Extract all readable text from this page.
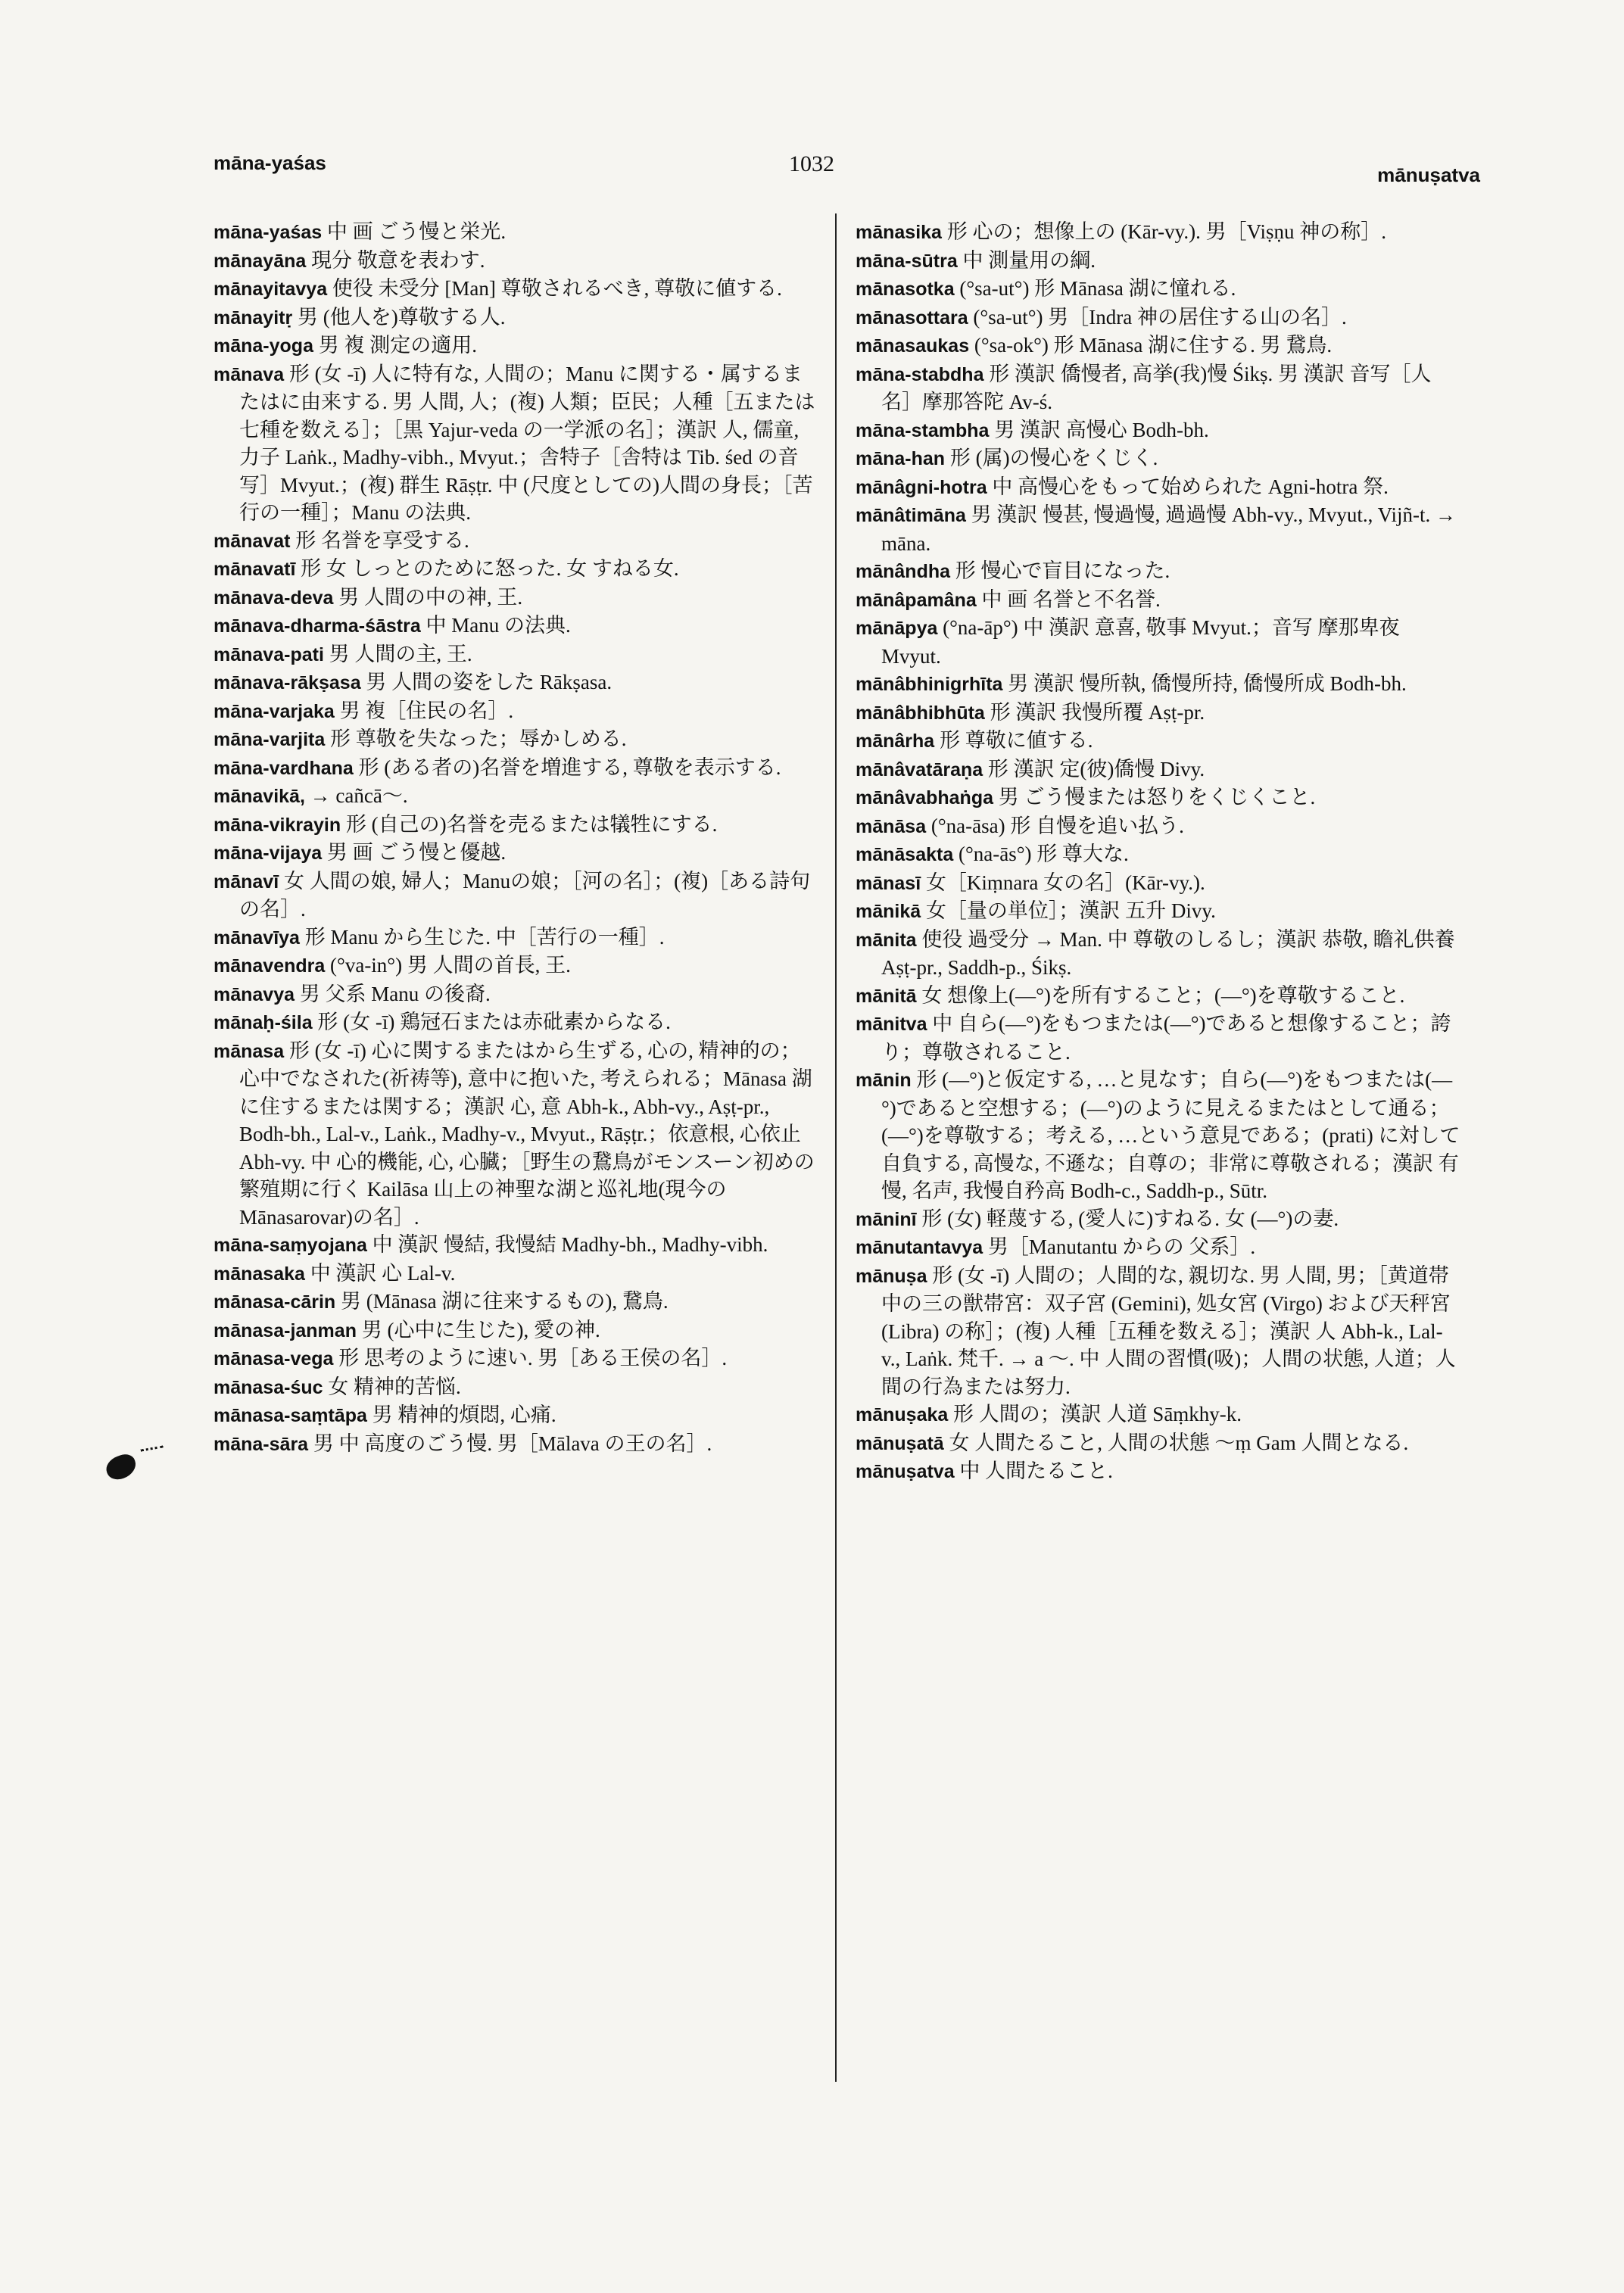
māna-yaśas	1032	mānuṣatva

māna-yaśas 中 画 ごう慢と栄光.

mānayāna 現分 敬意を表わす.

mānayitavya 使役 未受分 [Man] 尊敬されるべき, 尊敬に値する.

mānayitṛ 男 (他人を)尊敬する人.

māna-yoga 男 複 測定の適用.

mānava 形 (女 -ī) 人に特有な, 人間の；Manu に関する・属するまたはに由来する. 男 人間, 人；(複) 人類；臣民；人種［五または七種を数える］；［黒 Yajur-veda の一学派の名］；漢訳 人, 儒童, 力子 Laṅk., Madhy-vibh., Mvyut.；舎特子［舎特は Tib. śed の音写］Mvyut.；(複) 群生 Rāṣṭr. 中 (尺度としての)人間の身長；［苦行の一種］；Manu の法典.

mānavat 形 名誉を享受する.

mānavatī 形 女 しっとのために怒った. 女 すねる女.

mānava-deva 男 人間の中の神, 王.

mānava-dharma-śāstra 中 Manu の法典.

mānava-pati 男 人間の主, 王.

mānava-rākṣasa 男 人間の姿をした Rākṣasa.

māna-varjaka 男 複［住民の名］.

māna-varjita 形 尊敬を失なった；辱かしめる.

māna-vardhana 形 (ある者の)名誉を増進する, 尊敬を表示する.

mānavikā, → cañcā～.

māna-vikrayin 形 (自己の)名誉を売るまたは犠牲にする.

māna-vijaya 男 画 ごう慢と優越.

mānavī 女 人間の娘, 婦人；Manuの娘；［河の名］；(複)［ある詩句の名］.

mānavīya 形 Manu から生じた. 中［苦行の一種］.

mānavendra (°va-in°) 男 人間の首長, 王.

mānavya 男 父系 Manu の後裔.

mānaḥ-śila 形 (女 -ī) 鶏冠石または赤砒素からなる.

mānasa 形 (女 -ī) 心に関するまたはから生ずる, 心の, 精神的の；心中でなされた(祈祷等), 意中に抱いた, 考えられる；Mānasa 湖に住するまたは関する；漢訳 心, 意 Abh-k., Abh-vy., Aṣṭ-pr., Bodh-bh., Lal-v., Laṅk., Madhy-v., Mvyut., Rāṣṭr.；依意根, 心依止 Abh-vy. 中 心的機能, 心, 心臓；［野生の鵞鳥がモンスーン初めの繁殖期に行く Kailāsa 山上の神聖な湖と巡礼地(現今の Mānasarovar)の名］.

māna-saṃyojana 中 漢訳 慢結, 我慢結 Madhy-bh., Madhy-vibh.

mānasaka 中 漢訳 心 Lal-v.

mānasa-cārin 男 (Mānasa 湖に往来するもの), 鵞鳥.

mānasa-janman 男 (心中に生じた), 愛の神.

mānasa-vega 形 思考のように速い. 男［ある王侯の名］.

mānasa-śuc 女 精神的苦悩.

mānasa-saṃtāpa 男 精神的煩悶, 心痛.

māna-sāra 男 中 高度のごう慢. 男［Mālava の王の名］.

mānasika 形 心の；想像上の (Kār-vy.). 男［Viṣṇu 神の称］.

māna-sūtra 中 測量用の綱.

mānasotka (°sa-ut°) 形 Mānasa 湖に憧れる.

mānasottara (°sa-ut°) 男［Indra 神の居住する山の名］.

mānasaukas (°sa-ok°) 形 Mānasa 湖に住する. 男 鵞鳥.

māna-stabdha 形 漢訳 僑慢者, 高挙(我)慢 Śikṣ. 男 漢訳 音写［人名］摩那答陀 Av-ś.

māna-stambha 男 漢訳 高慢心 Bodh-bh.

māna-han 形 (属)の慢心をくじく.

mānâgni-hotra 中 高慢心をもって始められた Agni-hotra 祭.

mānâtimāna 男 漢訳 慢甚, 慢過慢, 過過慢 Abh-vy., Mvyut., Vijñ-t. → māna.

mānândha 形 慢心で盲目になった.

mānâpamâna 中 画 名誉と不名誉.

mānāpya (°na-āp°) 中 漢訳 意喜, 敬事 Mvyut.；音写 摩那卑夜 Mvyut.

mānâbhinigrhīta 男 漢訳 慢所執, 僑慢所持, 僑慢所成 Bodh-bh.

mānâbhibhūta 形 漢訳 我慢所覆 Aṣṭ-pr.

mānârha 形 尊敬に値する.

mānâvatāraṇa 形 漢訳 定(彼)僑慢 Divy.

mānâvabhaṅga 男 ごう慢または怒りをくじくこと.

mānāsa (°na-āsa) 形 自慢を追い払う.

mānāsakta (°na-ās°) 形 尊大な.

mānasī 女［Kiṃnara 女の名］(Kār-vy.).

mānikā 女［量の単位］；漢訳 五升 Divy.

mānita 使役 過受分 → Man. 中 尊敬のしるし；漢訳 恭敬, 瞻礼供養 Aṣṭ-pr., Saddh-p., Śikṣ.

mānitā 女 想像上(—°)を所有すること；(—°)を尊敬すること.

mānitva 中 自ら(—°)をもつまたは(—°)であると想像すること；誇り；尊敬されること.

mānin 形 (—°)と仮定する, …と見なす；自ら(—°)をもつまたは(—°)であると空想する；(—°)のように見えるまたはとして通る；(—°)を尊敬する；考える, …という意見である；(prati) に対して自負する, 高慢な, 不遜な；自尊の；非常に尊敬される；漢訳 有慢, 名声, 我慢自矜高 Bodh-c., Saddh-p., Sūtr.

māninī 形 (女) 軽蔑する, (愛人に)すねる. 女 (—°)の妻.

mānutantavya 男［Manutantu からの 父系］.

mānuṣa 形 (女 -ī) 人間の；人間的な, 親切な. 男 人間, 男；［黄道帯中の三の獣帯宮：双子宮 (Gemini), 処女宮 (Virgo) および天秤宮 (Libra) の称］；(複) 人種［五種を数える］；漢訳 人 Abh-k., Lal-v., Laṅk. 梵千. → a ～. 中 人間の習慣(吸)；人間の状態, 人道；人間の行為または努力.

mānuṣaka 形 人間の；漢訳 人道 Sāṃkhy-k.

mānuṣatā 女 人間たること, 人間の状態 ～ṃ Gam 人間となる.

mānuṣatva 中 人間たること.
